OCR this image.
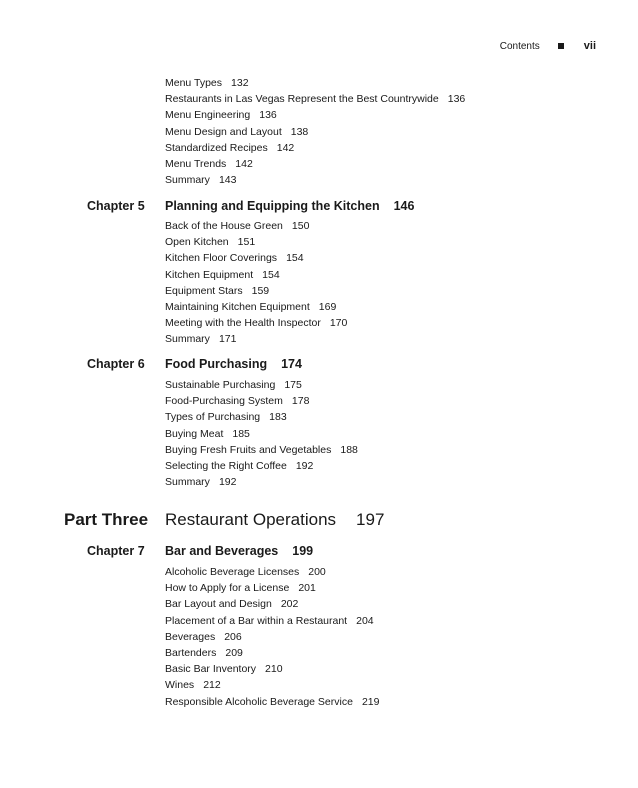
Contents	vii
Menu Types 132
Restaurants in Las Vegas Represent the Best Countrywide 136
Menu Engineering 136
Menu Design and Layout 138
Standardized Recipes 142
Menu Trends 142
Summary 143
Chapter 5 Planning and Equipping the Kitchen 146
Back of the House Green 150
Open Kitchen 151
Kitchen Floor Coverings 154
Kitchen Equipment 154
Equipment Stars 159
Maintaining Kitchen Equipment 169
Meeting with the Health Inspector 170
Summary 171
Chapter 6 Food Purchasing 174
Sustainable Purchasing 175
Food-Purchasing System 178
Types of Purchasing 183
Buying Meat 185
Buying Fresh Fruits and Vegetables 188
Selecting the Right Coffee 192
Summary 192
Part Three Restaurant Operations 197
Chapter 7 Bar and Beverages 199
Alcoholic Beverage Licenses 200
How to Apply for a License 201
Bar Layout and Design 202
Placement of a Bar within a Restaurant 204
Beverages 206
Bartenders 209
Basic Bar Inventory 210
Wines 212
Responsible Alcoholic Beverage Service 219
